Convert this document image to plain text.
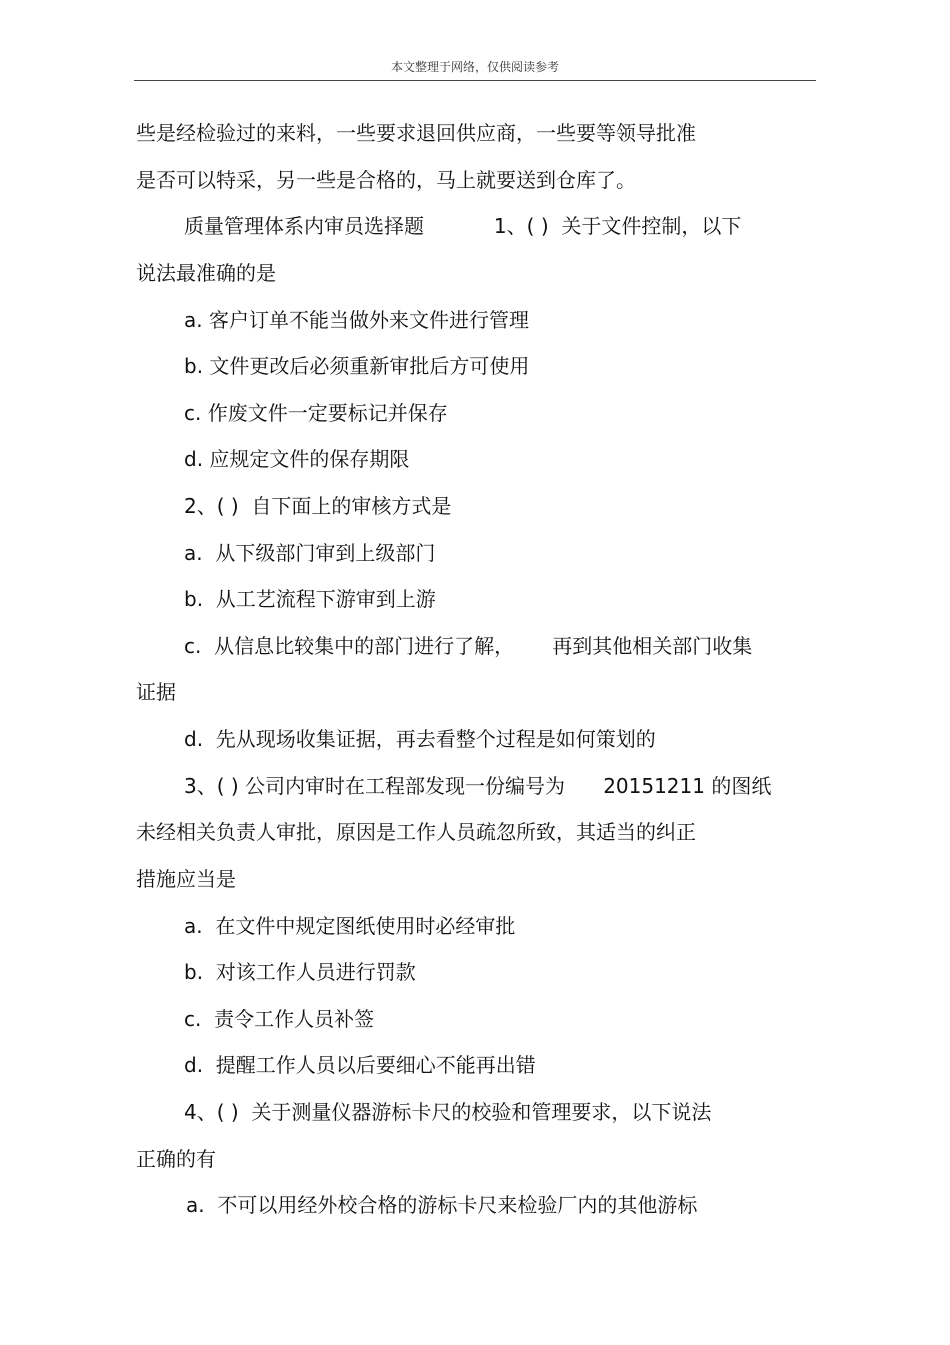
本文整理于网络，仅供阅读参考
些是经检验过的来料，一些要求退回供应商，一些要等领导批准
是否可以特采，另一些是合格的，马上就要送到仓库了。
质量管理体系内审员选择题           1、( )  关于文件控制，以下
说法最准确的是
a. 客户订单不能当做外来文件进行管理
b. 文件更改后必须重新审批后方可使用
c. 作废文件一定要标记并保存
d. 应规定文件的保存期限
2、( )  自下面上的审核方式是
a.  从下级部门审到上级部门
b.  从工艺流程下游审到上游
c.  从信息比较集中的部门进行了解，      再到其他相关部门收集
证据
d.  先从现场收集证据，再去看整个过程是如何策划的
3、( ) 公司内审时在工程部发现一份编号为      20151211 的图纸
未经相关负责人审批，原因是工作人员疏忽所致，其适当的纠正
措施应当是
a.  在文件中规定图纸使用时必经审批
b.  对该工作人员进行罚款
c.  责令工作人员补签
d.  提醒工作人员以后要细心不能再出错
4、( )  关于测量仪器游标卡尺的校验和管理要求，以下说法
正确的有
a.  不可以用经外校合格的游标卡尺来检验厂内的其他游标
